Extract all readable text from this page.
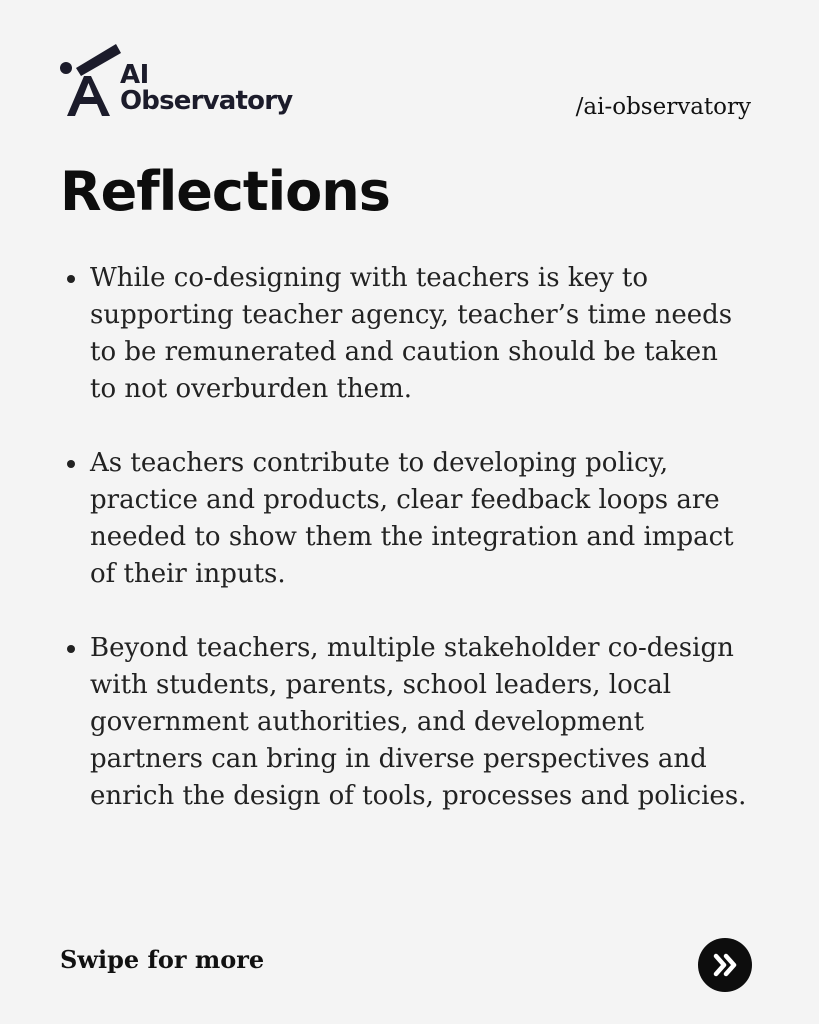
AI
Observatory	/ai-observatory
Reflections
While co-designing with teachers is key to supporting teacher agency, teacher’s time needs to be remunerated and caution should be taken to not overburden them.
As teachers contribute to developing policy, practice and products, clear feedback loops are needed to show them the integration and impact of their inputs.
Beyond teachers, multiple stakeholder co-design with students, parents, school leaders, local government authorities, and development partners can bring in diverse perspectives and enrich the design of tools, processes and policies.
Swipe for more
